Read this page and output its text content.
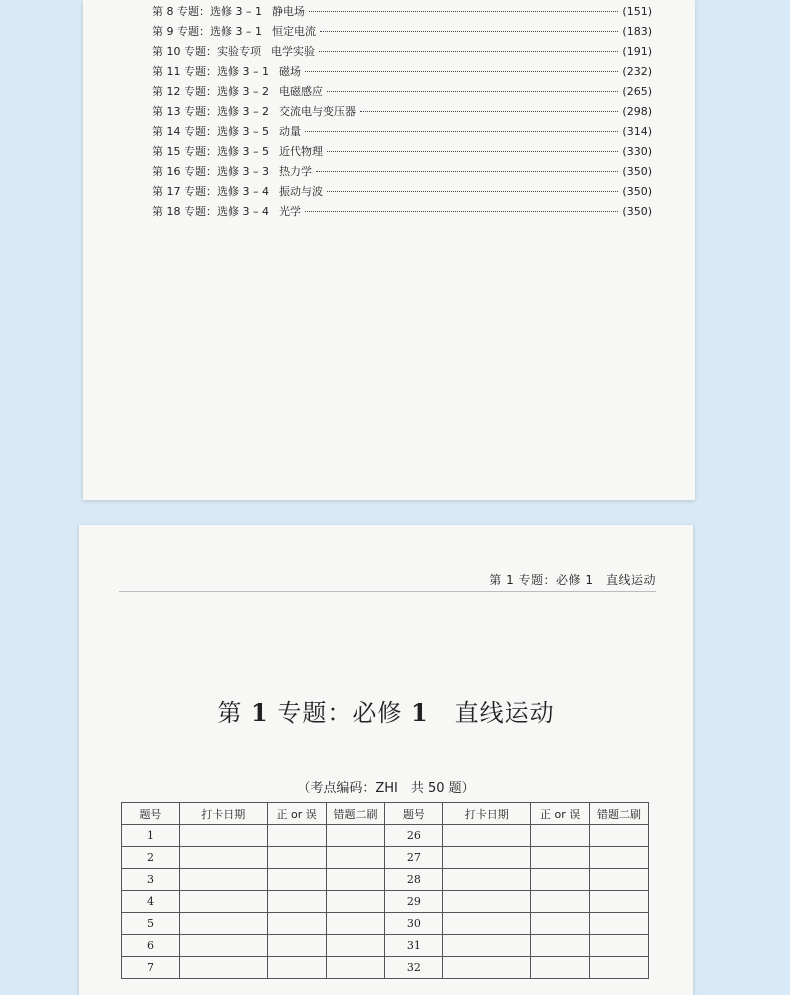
第 8 专题：选修 3 – 1 静电场	(151)
第 9 专题：选修 3 – 1 恒定电流	(183)
第 10 专题：实验专项 电学实验	(191)
第 11 专题：选修 3 – 1 磁场	(232)
第 12 专题：选修 3 – 2 电磁感应	(265)
第 13 专题：选修 3 – 2 交流电与变压器	(298)
第 14 专题：选修 3 – 5 动量	(314)
第 15 专题：选修 3 – 5 近代物理	(330)
第 16 专题：选修 3 – 3 热力学	(350)
第 17 专题：选修 3 – 4 振动与波	(350)
第 18 专题：选修 3 – 4 光学	(350)
第 1 专题：必修 1　直线运动
第 1 专题：必修 1 直线运动
（考点编码：ZHI　共 50 题）
题号	打卡日期	正 or 误	错题二刷	题号	打卡日期	正 or 误	错题二刷
1				26			
2				27			
3				28			
4				29			
5				30			
6				31			
7				32			
